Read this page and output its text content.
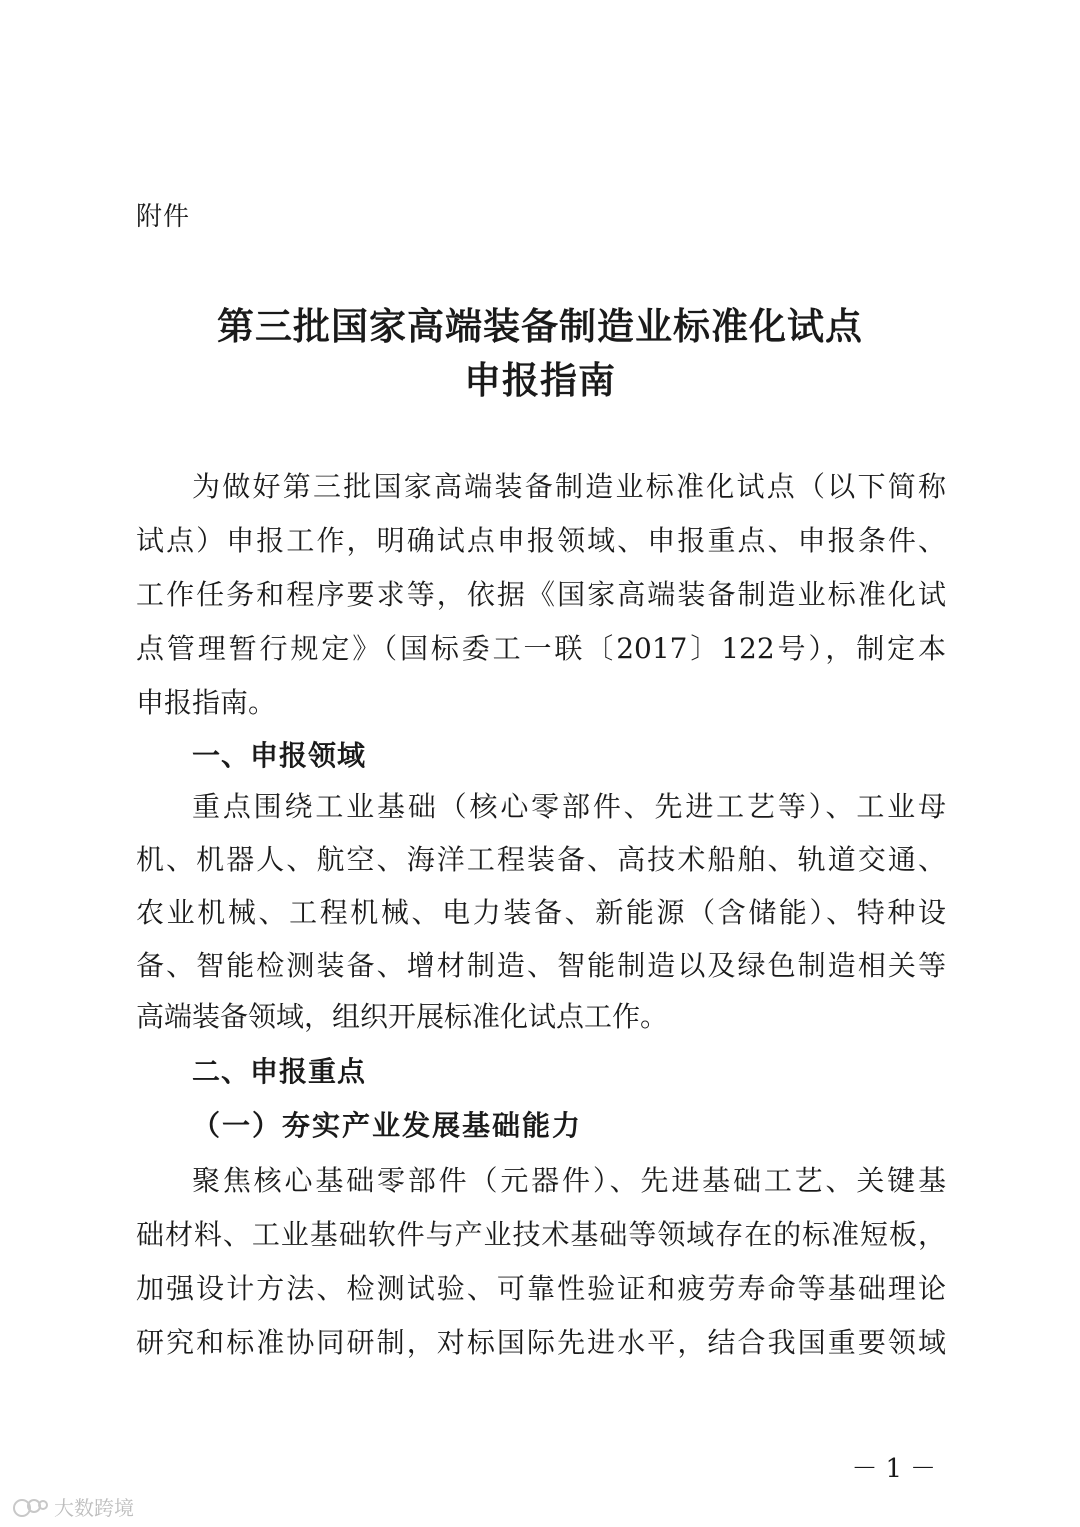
附件
第三批国家高端装备制造业标准化试点
申报指南
为做好第三批国家高端装备制造业标准化试点（以下简称
试点）申报工作，明确试点申报领域、申报重点、申报条件、
工作任务和程序要求等，依据《国家高端装备制造业标准化试
点管理暂行规定》（国标委工一联〔2017〕122号），制定本
申报指南。
一、申报领域
重点围绕工业基础（核心零部件、先进工艺等）、工业母
机、机器人、航空、海洋工程装备、高技术船舶、轨道交通、
农业机械、工程机械、电力装备、新能源（含储能）、特种设
备、智能检测装备、增材制造、智能制造以及绿色制造相关等
高端装备领域，组织开展标准化试点工作。
二、申报重点
（一）夯实产业发展基础能力
聚焦核心基础零部件（元器件）、先进基础工艺、关键基
础材料、工业基础软件与产业技术基础等领域存在的标准短板，
加强设计方法、检测试验、可靠性验证和疲劳寿命等基础理论
研究和标准协同研制，对标国际先进水平，结合我国重要领域
－1－
大数跨境
